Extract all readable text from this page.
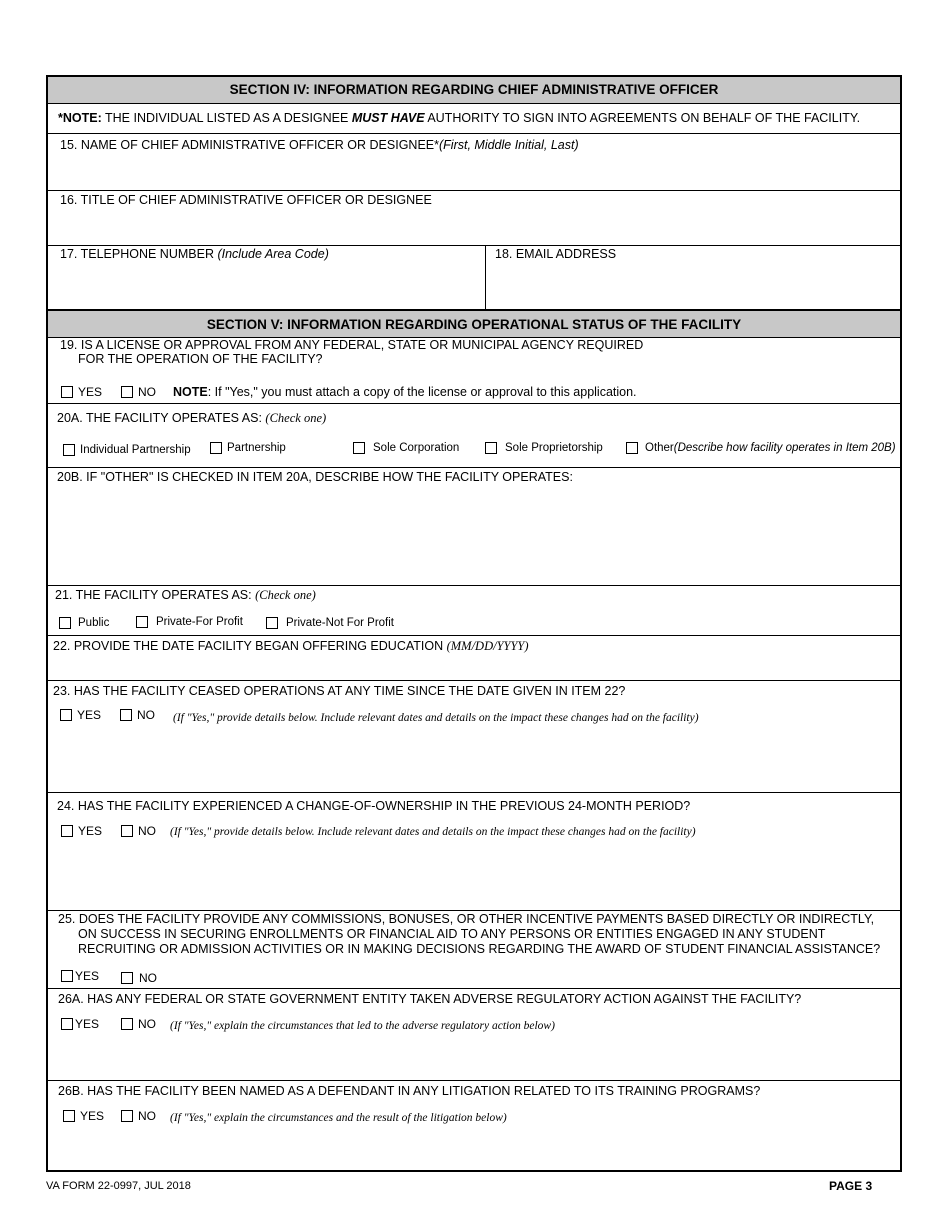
SECTION IV: INFORMATION REGARDING CHIEF ADMINISTRATIVE OFFICER
*NOTE: THE INDIVIDUAL LISTED AS A DESIGNEE MUST HAVE AUTHORITY TO SIGN INTO AGREEMENTS ON BEHALF OF THE FACILITY.
15. NAME OF CHIEF ADMINISTRATIVE OFFICER OR DESIGNEE*(First, Middle Initial, Last)
16. TITLE OF CHIEF ADMINISTRATIVE OFFICER OR DESIGNEE
17. TELEPHONE NUMBER (Include Area Code)	18. EMAIL ADDRESS
SECTION V: INFORMATION REGARDING OPERATIONAL STATUS OF THE FACILITY
19. IS A LICENSE OR APPROVAL FROM ANY FEDERAL, STATE OR MUNICIPAL AGENCY REQUIRED
FOR THE OPERATION OF THE FACILITY?
YES	NO NOTE: If "Yes," you must attach a copy of the license or approval to this application.
20A. THE FACILITY OPERATES AS: (Check one)
Individual Partnership	Partnership	Sole Corporation	Sole Proprietorship	Other (Describe how facility operates in Item 20B)
20B. IF "OTHER" IS CHECKED IN ITEM 20A, DESCRIBE HOW THE FACILITY OPERATES:
21. THE FACILITY OPERATES AS: (Check one)
Public	Private-For Profit	Private-Not For Profit
22. PROVIDE THE DATE FACILITY BEGAN OFFERING EDUCATION (MM/DD/YYYY)
23. HAS THE FACILITY CEASED OPERATIONS AT ANY TIME SINCE THE DATE GIVEN IN ITEM 22?
YES	NO (If "Yes," provide details below. Include relevant dates and details on the impact these changes had on the facility)
24. HAS THE FACILITY EXPERIENCED A CHANGE-OF-OWNERSHIP IN THE PREVIOUS 24-MONTH PERIOD?
YES	NO (If "Yes," provide details below. Include relevant dates and details on the impact these changes had on the facility)
25. DOES THE FACILITY PROVIDE ANY COMMISSIONS, BONUSES, OR OTHER INCENTIVE PAYMENTS BASED DIRECTLY OR INDIRECTLY,
ON SUCCESS IN SECURING ENROLLMENTS OR FINANCIAL AID TO ANY PERSONS OR ENTITIES ENGAGED IN ANY STUDENT
RECRUITING OR ADMISSION ACTIVITIES OR IN MAKING DECISIONS REGARDING THE AWARD OF STUDENT FINANCIAL ASSISTANCE?
YES	NO
26A. HAS ANY FEDERAL OR STATE GOVERNMENT ENTITY TAKEN ADVERSE REGULATORY ACTION AGAINST THE FACILITY?
YES	NO (If "Yes," explain the circumstances that led to the adverse regulatory action below)
26B. HAS THE FACILITY BEEN NAMED AS A DEFENDANT IN ANY LITIGATION RELATED TO ITS TRAINING PROGRAMS?
YES	NO (If "Yes," explain the circumstances and the result of the litigation below)
VA FORM 22-0997, JUL 2018	PAGE 3
